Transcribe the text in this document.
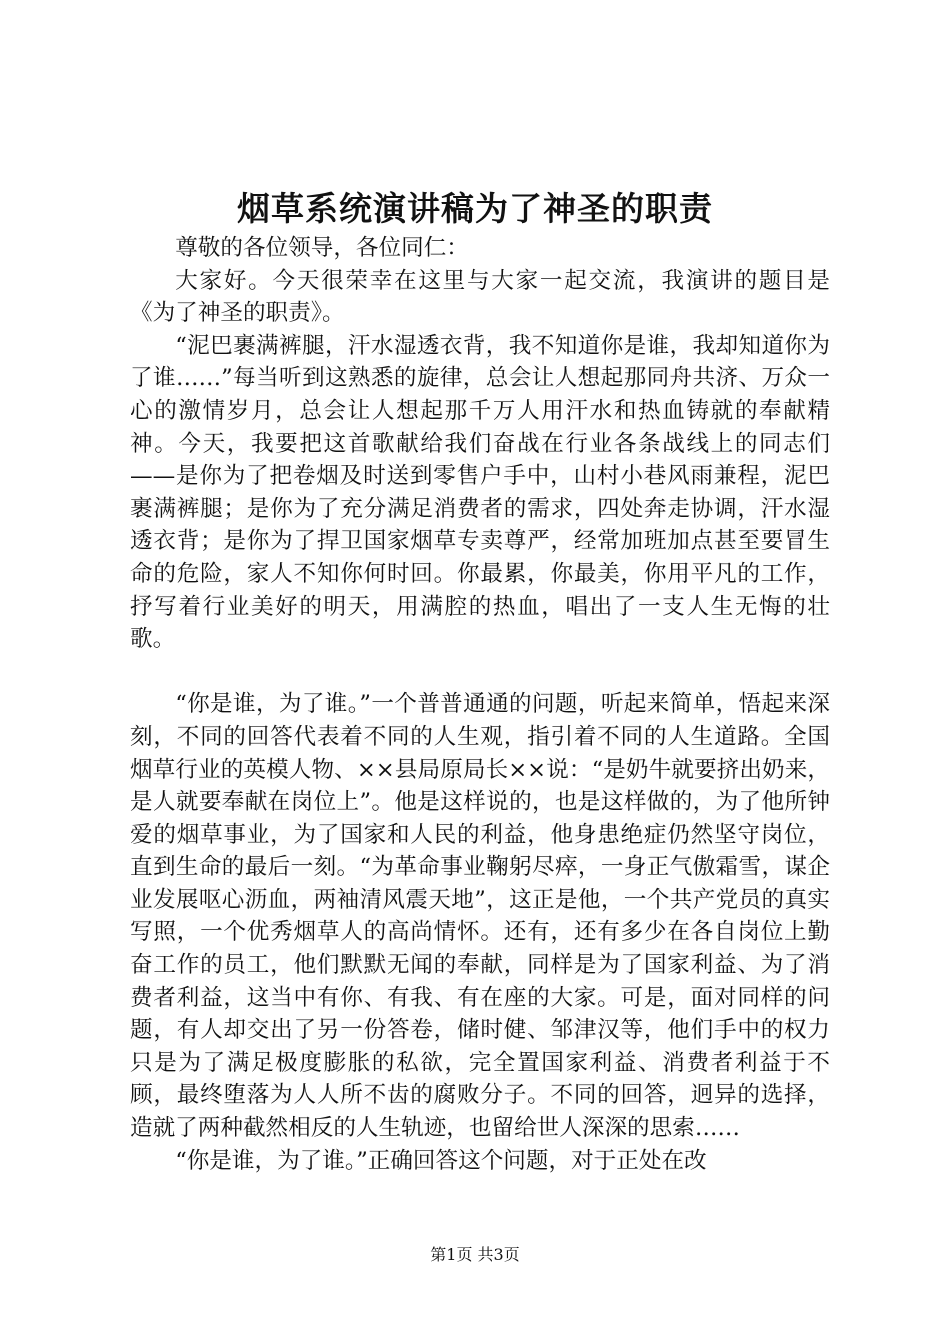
烟草系统演讲稿为了神圣的职责

尊敬的各位领导，各位同仁：

大家好。今天很荣幸在这里与大家一起交流，我演讲的题目是《为了神圣的职责》。

“泥巴裹满裤腿，汗水湿透衣背，我不知道你是谁，我却知道你为了谁……”每当听到这熟悉的旋律，总会让人想起那同舟共济、万众一心的激情岁月，总会让人想起那千万人用汗水和热血铸就的奉献精神。今天，我要把这首歌献给我们奋战在行业各条战线上的同志们——是你为了把卷烟及时送到零售户手中，山村小巷风雨兼程，泥巴裹满裤腿；是你为了充分满足消费者的需求，四处奔走协调，汗水湿透衣背；是你为了捍卫国家烟草专卖尊严，经常加班加点甚至要冒生命的危险，家人不知你何时回。你最累，你最美，你用平凡的工作，抒写着行业美好的明天，用满腔的热血，唱出了一支人生无悔的壮歌。

“你是谁，为了谁。”一个普普通通的问题，听起来简单，悟起来深刻，不同的回答代表着不同的人生观，指引着不同的人生道路。全国烟草行业的英模人物、××县局原局长××说：“是奶牛就要挤出奶来，是人就要奉献在岗位上”。他是这样说的，也是这样做的，为了他所钟爱的烟草事业，为了国家和人民的利益，他身患绝症仍然坚守岗位，直到生命的最后一刻。“为革命事业鞠躬尽瘁，一身正气傲霜雪，谋企业发展呕心沥血，两袖清风震天地”，这正是他，一个共产党员的真实写照，一个优秀烟草人的高尚情怀。还有，还有多少在各自岗位上勤奋工作的员工，他们默默无闻的奉献，同样是为了国家利益、为了消费者利益，这当中有你、有我、有在座的大家。可是，面对同样的问题，有人却交出了另一份答卷，储时健、邹津汉等，他们手中的权力只是为了满足极度膨胀的私欲，完全置国家利益、消费者利益于不顾，最终堕落为人人所不齿的腐败分子。不同的回答，迥异的选择，造就了两种截然相反的人生轨迹，也留给世人深深的思索……

“你是谁，为了谁。”正确回答这个问题，对于正处在改

第1页 共3页
